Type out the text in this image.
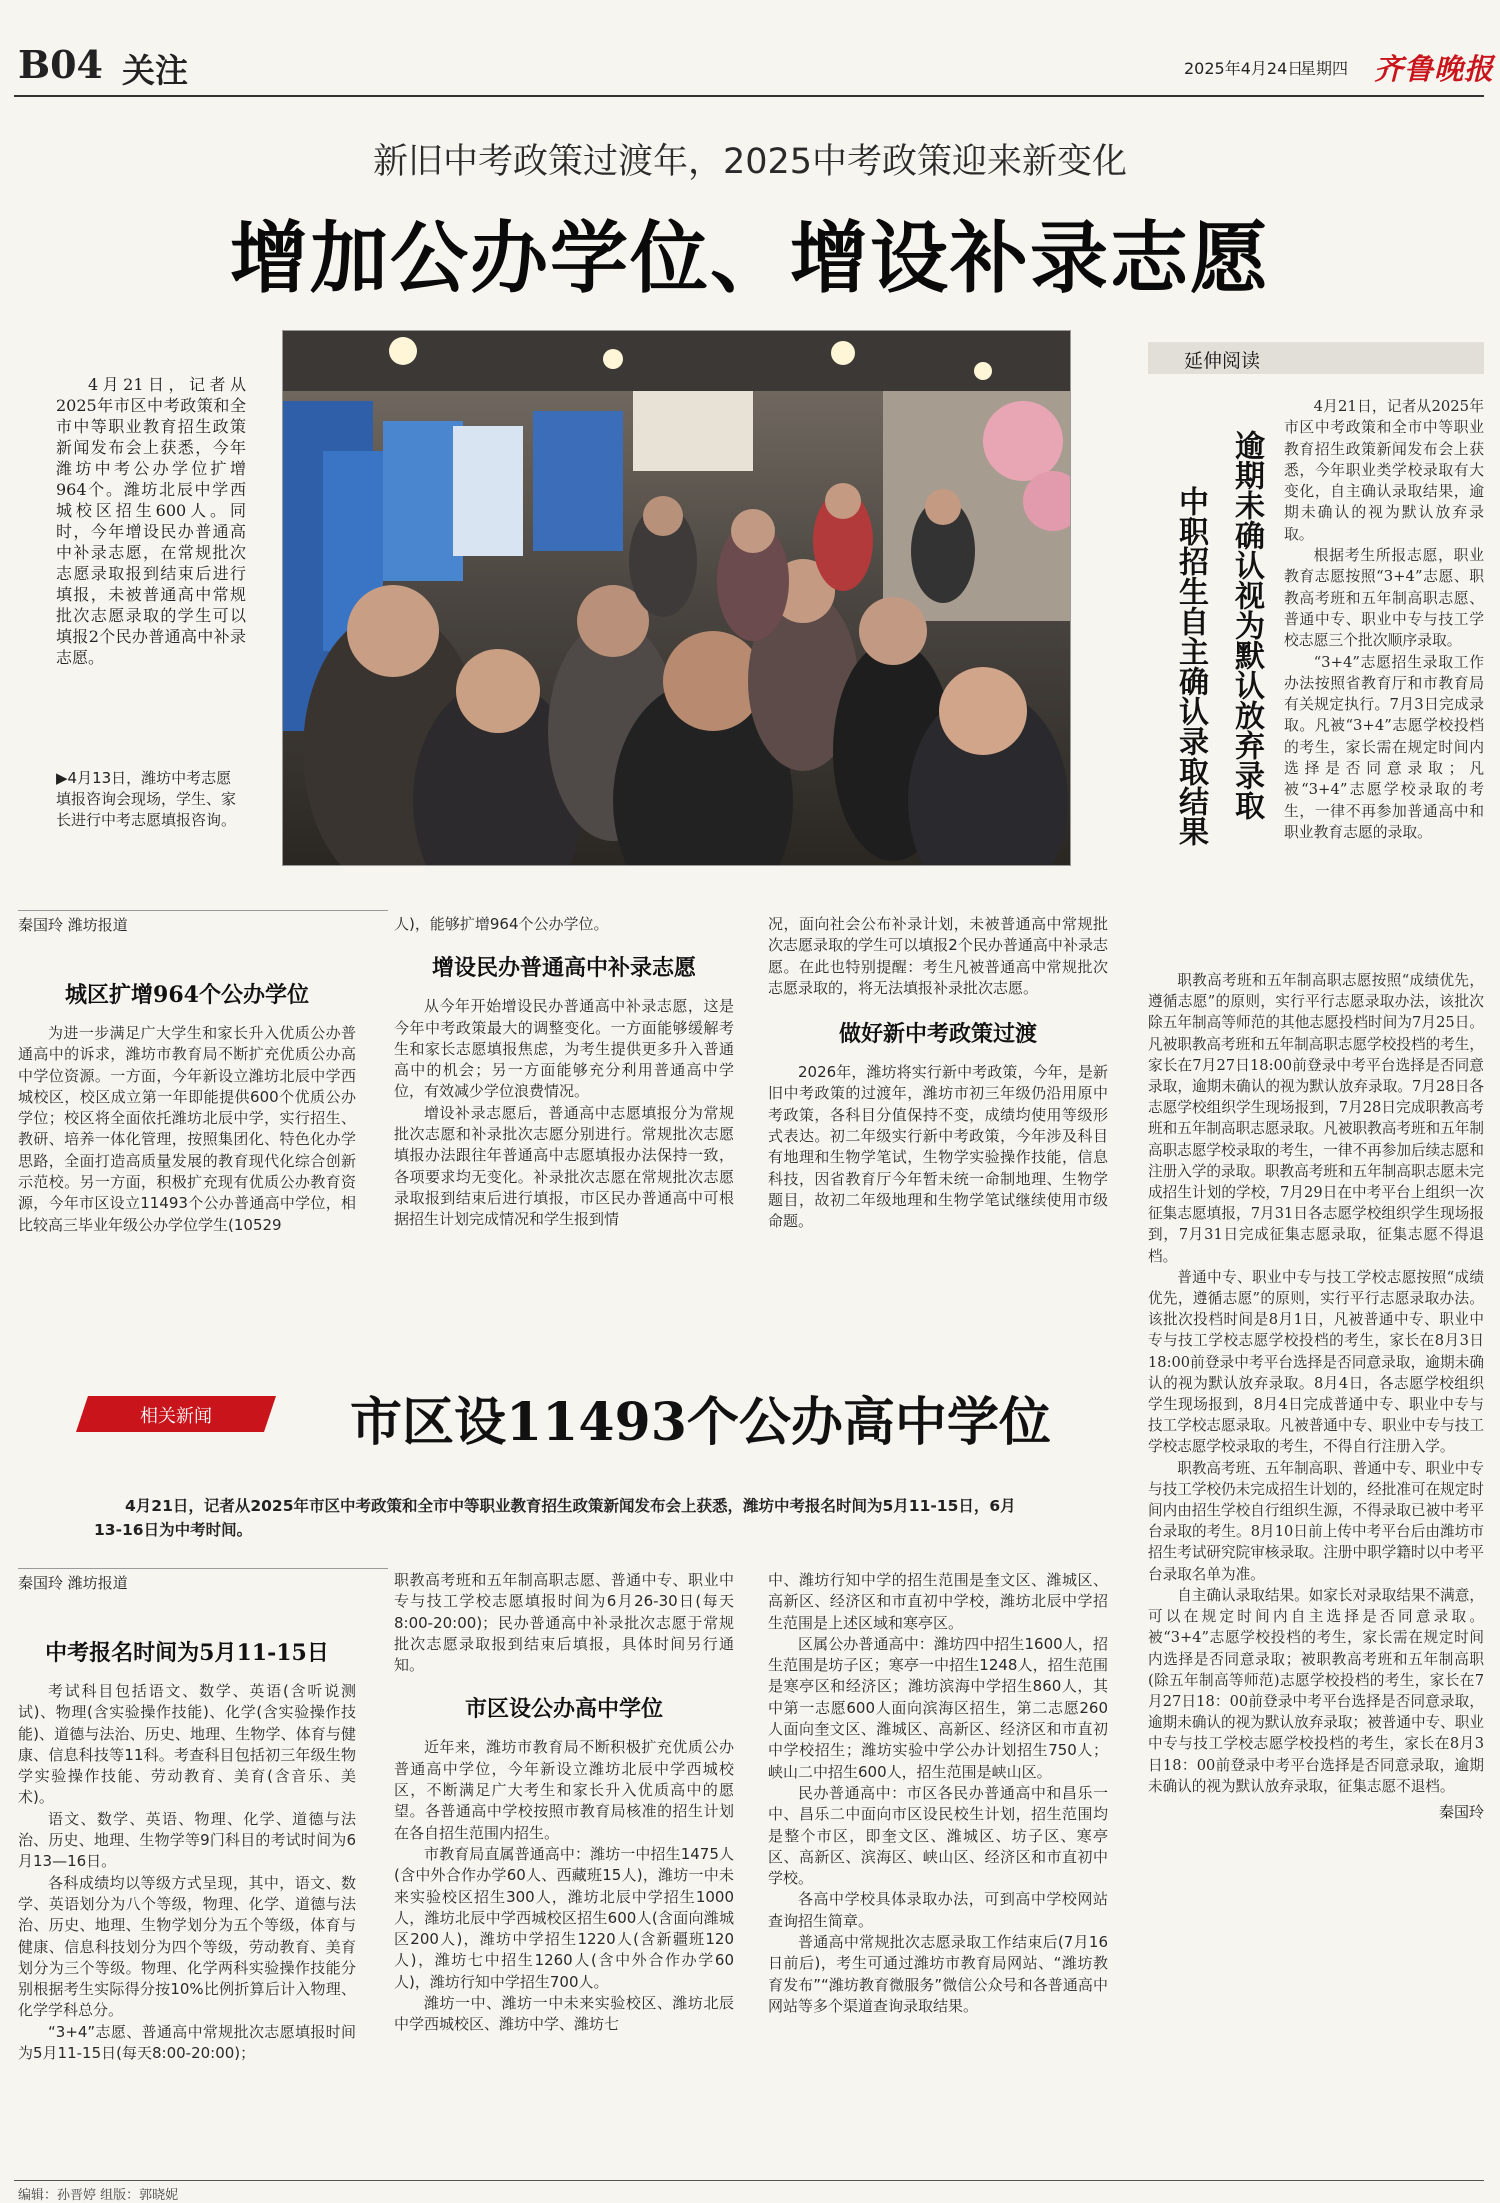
B04 关注	2025年4月24日
星期四 齐鲁晚报
新旧中考政策过渡年，2025中考政策迎来新变化
增加公办学位、增设补录志愿

4月21日，记者从2025年市区中考政策和全市中等职业教育招生政策新闻发布会上获悉，今年潍坊中考公办学位扩增964个。潍坊北辰中学西城校区招生600人。同时，今年增设民办普通高中补录志愿，在常规批次志愿录取报到结束后进行填报，未被普通高中常规批次志愿录取的学生可以填报2个民办普通高中补录志愿。

▶4月13日，潍坊中考志愿填报咨询会现场，学生、家长进行中考志愿填报咨询。

延伸阅读
逾期未确认视为默认放弃录取
中职招生自主确认录取结果

4月21日，记者从2025年市区中考政策和全市中等职业教育招生政策新闻发布会上获悉，今年职业类学校录取有大变化，自主确认录取结果，逾期未确认的视为默认放弃录取。

根据考生所报志愿，职业教育志愿按照“3+4”志愿、职教高考班和五年制高职志愿、普通中专、职业中专与技工学校志愿三个批次顺序录取。

“3+4”志愿招生录取工作办法按照省教育厅和市教育局有关规定执行。7月3日完成录取。凡被“3+4”志愿学校投档的考生，家长需在规定时间内选择是否同意录取；凡被“3+4”志愿学校录取的考生，一律不再参加普通高中和职业教育志愿的录取。

职教高考班和五年制高职志愿按照“成绩优先，遵循志愿”的原则，实行平行志愿录取办法，该批次除五年制高等师范的其他志愿投档时间为7月25日。凡被职教高考班和五年制高职志愿学校投档的考生，家长在7月27日18:00前登录中考平台选择是否同意录取，逾期未确认的视为默认放弃录取。7月28日各志愿学校组织学生现场报到，7月28日完成职教高考班和五年制高职志愿录取。凡被职教高考班和五年制高职志愿学校录取的考生，一律不再参加后续志愿和注册入学的录取。职教高考班和五年制高职志愿未完成招生计划的学校，7月29日在中考平台上组织一次征集志愿填报，7月31日各志愿学校组织学生现场报到，7月31日完成征集志愿录取，征集志愿不得退档。

普通中专、职业中专与技工学校志愿按照“成绩优先，遵循志愿”的原则，实行平行志愿录取办法。该批次投档时间是8月1日，凡被普通中专、职业中专与技工学校志愿学校投档的考生，家长在8月3日18:00前登录中考平台选择是否同意录取，逾期未确认的视为默认放弃录取。8月4日，各志愿学校组织学生现场报到，8月4日完成普通中专、职业中专与技工学校志愿录取。凡被普通中专、职业中专与技工学校志愿学校录取的考生，不得自行注册入学。

职教高考班、五年制高职、普通中专、职业中专与技工学校仍未完成招生计划的，经批准可在规定时间内由招生学校自行组织生源，不得录取已被中考平台录取的考生。8月10日前上传中考平台后由潍坊市招生考试研究院审核录取。注册中职学籍时以中考平台录取名单为准。

自主确认录取结果。如家长对录取结果不满意，可以在规定时间内自主选择是否同意录取。被“3+4”志愿学校投档的考生，家长需在规定时间内选择是否同意录取；被职教高考班和五年制高职(除五年制高等师范)志愿学校投档的考生，家长在7月27日18：00前登录中考平台选择是否同意录取，逾期未确认的视为默认放弃录取；被普通中专、职业中专与技工学校志愿学校投档的考生，家长在8月3日18：00前登录中考平台选择是否同意录取，逾期未确认的视为默认放弃录取，征集志愿不退档。

秦国玲

秦国玲 潍坊报道
城区扩增964个公办学位

为进一步满足广大学生和家长升入优质公办普通高中的诉求，潍坊市教育局不断扩充优质公办高中学位资源。一方面，今年新设立潍坊北辰中学西城校区，校区成立第一年即能提供600个优质公办学位；校区将全面依托潍坊北辰中学，实行招生、教研、培养一体化管理，按照集团化、特色化办学思路，全面打造高质量发展的教育现代化综合创新示范校。另一方面，积极扩充现有优质公办教育资源，今年市区设立11493个公办普通高中学位，相比较高三毕业年级公办学位学生(10529

人)，能够扩增964个公办学位。

增设民办普通高中补录志愿

从今年开始增设民办普通高中补录志愿，这是今年中考政策最大的调整变化。一方面能够缓解考生和家长志愿填报焦虑，为考生提供更多升入普通高中的机会；另一方面能够充分利用普通高中学位，有效减少学位浪费情况。

增设补录志愿后，普通高中志愿填报分为常规批次志愿和补录批次志愿分别进行。常规批次志愿填报办法跟往年普通高中志愿填报办法保持一致，各项要求均无变化。补录批次志愿在常规批次志愿录取报到结束后进行填报，市区民办普通高中可根据招生计划完成情况和学生报到情

况，面向社会公布补录计划，未被普通高中常规批次志愿录取的学生可以填报2个民办普通高中补录志愿。在此也特别提醒：考生凡被普通高中常规批次志愿录取的，将无法填报补录批次志愿。

做好新中考政策过渡

2026年，潍坊将实行新中考政策，今年，是新旧中考政策的过渡年，潍坊市初三年级仍沿用原中考政策，各科目分值保持不变，成绩均使用等级形式表达。初二年级实行新中考政策，今年涉及科目有地理和生物学笔试，生物学实验操作技能，信息科技，因省教育厅今年暂未统一命制地理、生物学题目，故初二年级地理和生物学笔试继续使用市级命题。

相关新闻	市区设11493个公办高中学位

4月21日，记者从2025年市区中考政策和全市中等职业教育招生政策新闻发布会上获悉，潍坊中考报名时间为5月11-15日，6月13-16日为中考时间。

秦国玲 潍坊报道
中考报名时间为5月11-15日

考试科目包括语文、数学、英语(含听说测试)、物理(含实验操作技能)、化学(含实验操作技能)、道德与法治、历史、地理、生物学、体育与健康、信息科技等11科。考查科目包括初三年级生物学实验操作技能、劳动教育、美育(含音乐、美术)。

语文、数学、英语、物理、化学、道德与法治、历史、地理、生物学等9门科目的考试时间为6月13—16日。

各科成绩均以等级方式呈现，其中，语文、数学、英语划分为八个等级，物理、化学、道德与法治、历史、地理、生物学划分为五个等级，体育与健康、信息科技划分为四个等级，劳动教育、美育划分为三个等级。物理、化学两科实验操作技能分别根据考生实际得分按10%比例折算后计入物理、化学学科总分。

“3+4”志愿、普通高中常规批次志愿填报时间为5月11-15日(每天8:00-20:00)；

职教高考班和五年制高职志愿、普通中专、职业中专与技工学校志愿填报时间为6月26-30日(每天8:00-20:00)；民办普通高中补录批次志愿于常规批次志愿录取报到结束后填报，具体时间另行通知。

市区设公办高中学位

近年来，潍坊市教育局不断积极扩充优质公办普通高中学位，今年新设立潍坊北辰中学西城校区，不断满足广大考生和家长升入优质高中的愿望。各普通高中学校按照市教育局核准的招生计划在各自招生范围内招生。

市教育局直属普通高中：潍坊一中招生1475人(含中外合作办学60人、西藏班15人)，潍坊一中未来实验校区招生300人，潍坊北辰中学招生1000人，潍坊北辰中学西城校区招生600人(含面向潍城区200人)，潍坊中学招生1220人(含新疆班120人)，潍坊七中招生1260人(含中外合作办学60人)，潍坊行知中学招生700人。

潍坊一中、潍坊一中未来实验校区、潍坊北辰中学西城校区、潍坊中学、潍坊七

中、潍坊行知中学的招生范围是奎文区、潍城区、高新区、经济区和市直初中学校，潍坊北辰中学招生范围是上述区域和寒亭区。

区属公办普通高中：潍坊四中招生1600人，招生范围是坊子区；寒亭一中招生1248人，招生范围是寒亭区和经济区；潍坊滨海中学招生860人，其中第一志愿600人面向滨海区招生，第二志愿260人面向奎文区、潍城区、高新区、经济区和市直初中学校招生；潍坊实验中学公办计划招生750人；峡山二中招生600人，招生范围是峡山区。

民办普通高中：市区各民办普通高中和昌乐一中、昌乐二中面向市区设民校生计划，招生范围均是整个市区，即奎文区、潍城区、坊子区、寒亭区、高新区、滨海区、峡山区、经济区和市直初中学校。

各高中学校具体录取办法，可到高中学校网站查询招生简章。

普通高中常规批次志愿录取工作结束后(7月16日前后)，考生可通过潍坊市教育局网站、“潍坊教育发布”“潍坊教育微服务”微信公众号和各普通高中网站等多个渠道查询录取结果。

编辑：孙晋婷 组版：郭晓妮
